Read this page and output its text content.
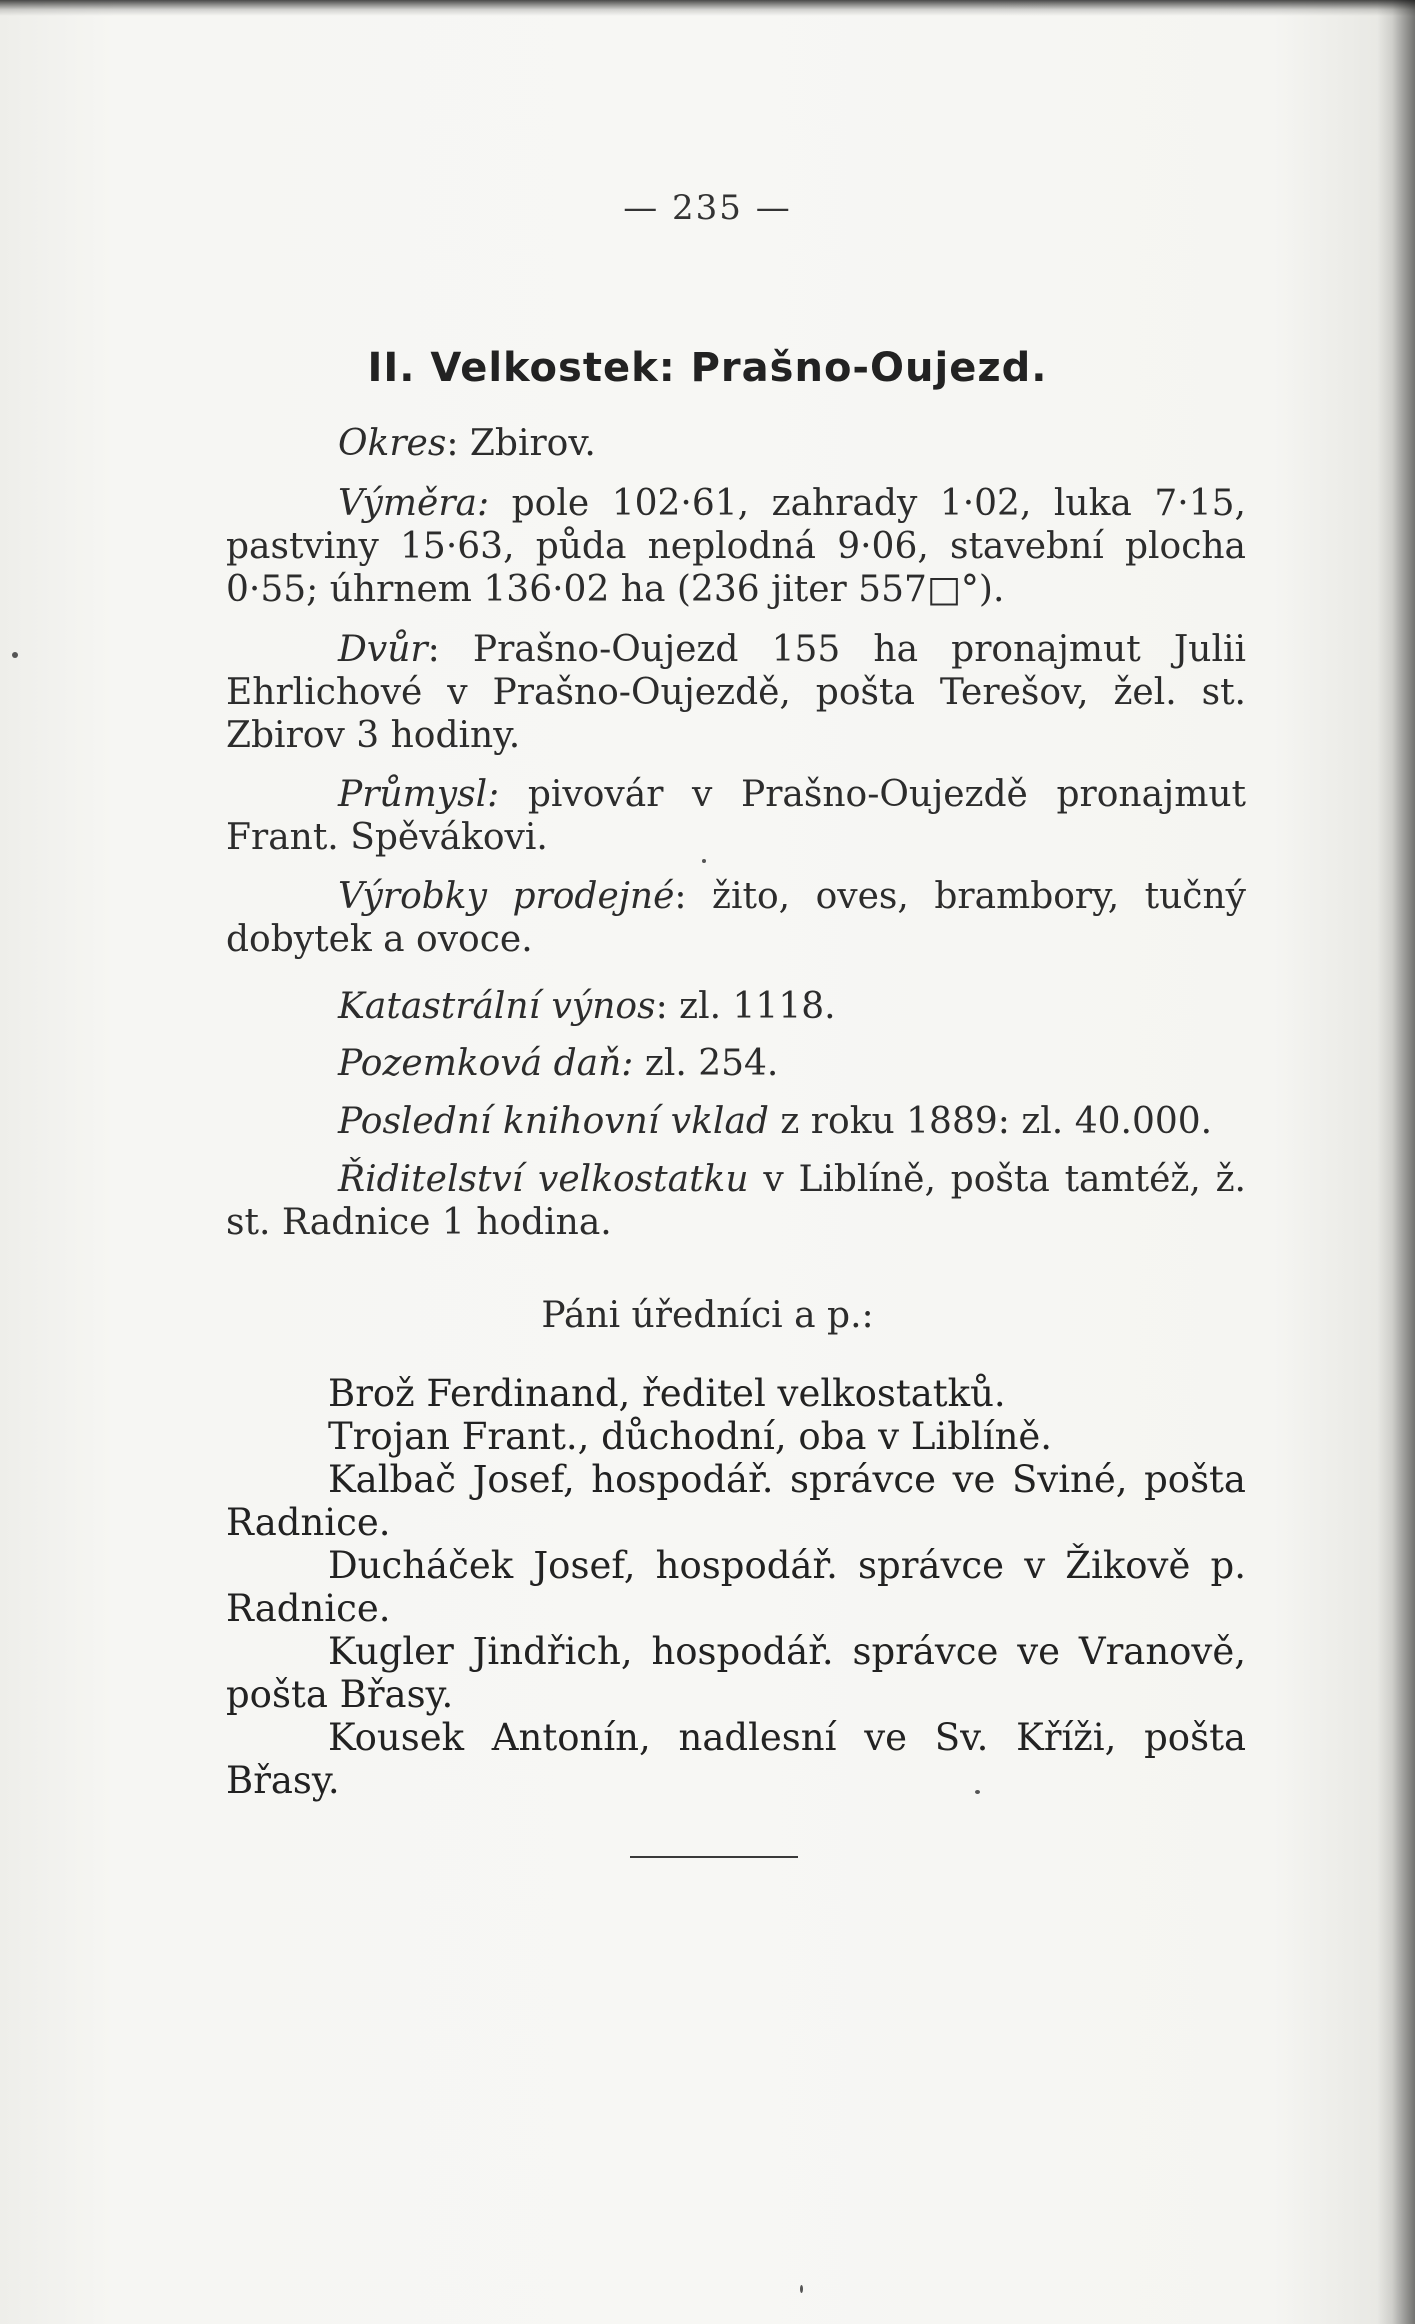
— 235 —
II. Velkostek: Prašno-Oujezd.
Okres: Zbirov.
Výměra: pole 102·61, zahrady 1·02, luka 7·15, pastviny 15·63, půda neplodná 9·06, stavební plocha 0·55; úhrnem 136·02 ha (236 jiter 557□°).
Dvůr: Prašno-Oujezd 155 ha pronajmut Julii Ehrlichové v Prašno-Oujezdě, pošta Terešov, žel. st. Zbirov 3 hodiny.
Průmysl: pivovár v Prašno-Oujezdě pronajmut Frant. Spěvákovi.
Výrobky prodejné: žito, oves, brambory, tučný dobytek a ovoce.
Katastrální výnos: zl. 1118.
Pozemková daň: zl. 254.
Poslední knihovní vklad z roku 1889: zl. 40.000.
Řiditelství velkostatku v Liblíně, pošta tamtéž, ž. st. Radnice 1 hodina.
Páni úředníci a p.:

Brož Ferdinand, ředitel velkostatků.

Trojan Frant., důchodní, oba v Liblíně.

Kalbač Josef, hospodář. správce ve Sviné, pošta Radnice.

Ducháček Josef, hospodář. správce v Žikově p. Radnice.

Kugler Jindřich, hospodář. správce ve Vranově, pošta Břasy.

Kousek Antonín, nadlesní ve Sv. Kříži, pošta Břasy.
